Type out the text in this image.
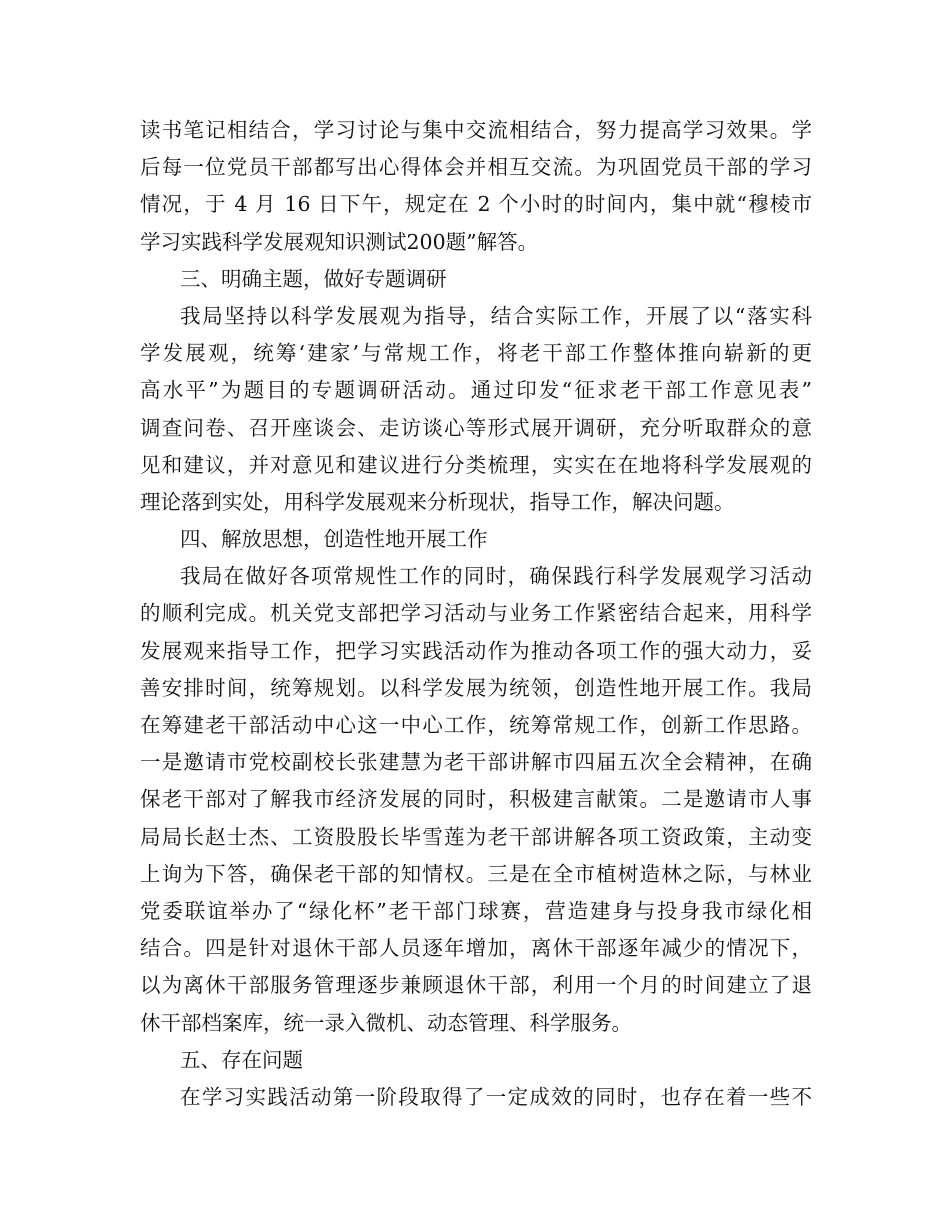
读书笔记相结合，学习讨论与集中交流相结合，努力提高学习效果。学
后每一位党员干部都写出心得体会并相互交流。为巩固党员干部的学习
情况，于 4 月 16 日下午，规定在 2 个小时的时间内，集中就“穆棱市
学习实践科学发展观知识测试200题”解答。
三、明确主题，做好专题调研
我局坚持以科学发展观为指导，结合实际工作，开展了以“落实科
学发展观，统筹‘建家’与常规工作，将老干部工作整体推向崭新的更
高水平”为题目的专题调研活动。通过印发“征求老干部工作意见表”
调查问卷、召开座谈会、走访谈心等形式展开调研，充分听取群众的意
见和建议，并对意见和建议进行分类梳理，实实在在地将科学发展观的
理论落到实处，用科学发展观来分析现状，指导工作，解决问题。
四、解放思想，创造性地开展工作
我局在做好各项常规性工作的同时，确保践行科学发展观学习活动
的顺利完成。机关党支部把学习活动与业务工作紧密结合起来，用科学
发展观来指导工作，把学习实践活动作为推动各项工作的强大动力，妥
善安排时间，统筹规划。以科学发展为统领，创造性地开展工作。我局
在筹建老干部活动中心这一中心工作，统筹常规工作，创新工作思路。
一是邀请市党校副校长张建慧为老干部讲解市四届五次全会精神，在确
保老干部对了解我市经济发展的同时，积极建言献策。二是邀请市人事
局局长赵士杰、工资股股长毕雪莲为老干部讲解各项工资政策，主动变
上询为下答，确保老干部的知情权。三是在全市植树造林之际，与林业
党委联谊举办了“绿化杯”老干部门球赛，营造建身与投身我市绿化相
结合。四是针对退休干部人员逐年增加，离休干部逐年减少的情况下，
以为离休干部服务管理逐步兼顾退休干部，利用一个月的时间建立了退
休干部档案库，统一录入微机、动态管理、科学服务。
五、存在问题
在学习实践活动第一阶段取得了一定成效的同时，也存在着一些不
